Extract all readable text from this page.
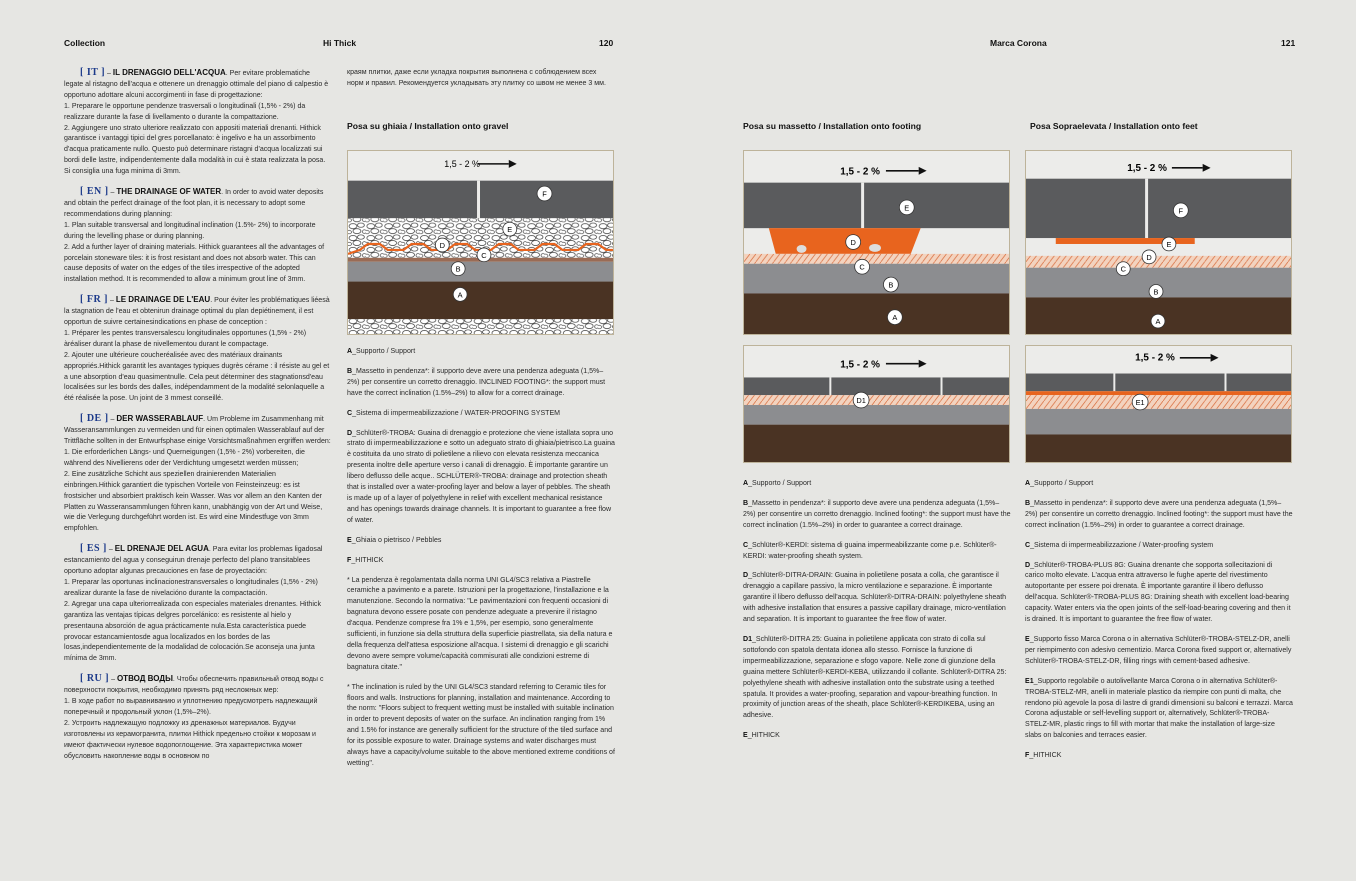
Collection	Hi Thick	120	Marca Corona	121

[ IT ] – IL DRENAGGIO DELL'ACQUA. Per evitare problematiche legate al ristagno dell'acqua e ottenere un drenaggio ottimale del piano di calpestio è opportuno adottare alcuni accorgimenti in fase di progettazione:
1. Preparare le opportune pendenze trasversali o longitudinali (1,5% - 2%) da realizzare durante la fase di livellamento o durante la compattazione.
2. Aggiungere uno strato ulteriore realizzato con appositi materiali drenanti. Hithick garantisce i vantaggi tipici del gres porcellanato: è ingelivo e ha un assorbimento d'acqua praticamente nullo. Questo può determinare ristagni d'acqua localizzati sui bordi delle lastre, indipendentemente dalla modalità in cui è stata realizzata la posa. Si consiglia una fuga minima di 3mm.

[ EN ] – THE DRAINAGE OF WATER. In order to avoid water deposits and obtain the perfect drainage of the foot plan, it is necessary to adopt some recommendations during planning:
1. Plan suitable transversal and longitudinal inclination (1.5%- 2%) to incorporate during the levelling phase or during planning.
2. Add a further layer of draining materials. Hithick guarantees all the advantages of porcelain stoneware tiles: it is frost resistant and does not absorb water. This can cause deposits of water on the edges of the tiles irrespective of the adopted installation method. It is recommended to allow a minimum grout line of 3mm.

[ FR ] – LE DRAINAGE DE L'EAU. Pour éviter les problématiques liéesà la stagnation de l'eau et obtenirun drainage optimal du plan depiétinement, il est opportun de suivre certainesindications en phase de conception :
1. Préparer les pentes transversalescu longitudinales opportunes (1,5% - 2%) àréaliser durant la phase de nivellementou durant le compactage.
2. Ajouter une ultérieure coucheréalisée avec des matériaux drainants appropriés.Hithick garantit les avantages typiques dugrès cérame : il résiste au gel et a une absorption d'eau quasimentnulle. Cela peut déterminer des stagnationsd'eau localisées sur les bords des dalles, indépendamment de la modalité selonlaquelle a été réalisée la pose. Un joint de 3 mmest conseillé.

[ DE ] – DER WASSERABLAUF. Um Probleme im Zusammenhang mit Wasseransammlungen zu vermeiden und für einen optimalen Wasserablauf auf der Trittfläche sollten in der Entwurfsphase einige Vorsichtsmaßnahmen ergriffen werden:
1. Die erforderlichen Längs- und Querneigungen (1,5% - 2%) vorbereiten, die während des Nivellierens oder der Verdichtung umgesetzt werden müssen;
2. Eine zusätzliche Schicht aus speziellen drainierenden Materialien einbringen.Hithick garantiert die typischen Vorteile von Feinsteinzeug: es ist frostsicher und absorbiert praktisch kein Wasser. Was vor allem an den Kanten der Platten zu Wasseransammlungen führen kann, unabhängig von der Art und Weise, wie die Verlegung durchgeführt worden ist. Es wird eine Mindestfuge von 3mm empfohlen.

[ ES ] – EL DRENAJE DEL AGUA. Para evitar los problemas ligadosal estancamiento del agua y conseguirun drenaje perfecto del plano transitablees oportuno adoptar algunas precauciones en fase de proyectación:
1. Preparar las oportunas inclinacionestransversales o longitudinales (1,5% - 2%) arealizar durante la fase de nivelacióno durante la compactación.
2. Agregar una capa ulteriorrealizada con especiales materiales drenantes. Hithick garantiza las ventajas típicas delgres porcelánico: es resistente al hielo y presentauna absorción de agua prácticamente nula.Esta característica puede provocar estancamientosde agua localizados en los bordes de las losas,independientemente de la modalidad de colocación.Se aconseja una junta mínima de 3mm.

[ RU ] – ОТВОД ВОДЫ. Чтобы обеспечить правильный отвод воды с поверхности покрытия, необходимо принять ряд несложных мер:
1. В ходе работ по выравниванию и уплотнению предусмотреть надлежащий поперечный и продольный уклон (1,5%–2%).
2. Устроить надлежащую подложку из дренажных материалов. Будучи изготовлены из керамогранита, плитки Hithick предельно стойки к морозам и имеют фактически нулевое водопоглощение. Эта характеристика может обусловить накопление воды в основном по

краям плитки, даже если укладка покрытия выполнена с соблюдением всех норм и правил. Рекомендуется укладывать эту плитку со швом не менее 3 мм.

Posa su ghiaia / Installation onto gravel
1,5 - 2 %
F
E
D
C
B
A

A_Supporto / Support

B_Massetto in pendenza*: il supporto deve avere una pendenza adeguata (1,5%–2%) per consentire un corretto drenaggio. INCLINED FOOTING*: the support must have the correct inclination (1.5%–2%) to allow for a correct drainage.

C_Sistema di impermeabilizzazione / WATER-PROOFING SYSTEM

D_Schlüter®-TROBA: Guaina di drenaggio e protezione che viene istallata sopra uno strato di impermeabilizzazione e sotto un adeguato strato di ghiaia/pietrisco.La guaina è costituita da uno strato di polietilene a rilievo con elevata resistenza meccanica presenta inoltre delle aperture verso i canali di drenaggio. È importante garantire un libero deflusso delle acque.. SCHLÜTER®-TROBA: drainage and protection sheath that is installed over a water-proofing layer and below a layer of pebbles. The sheath is made up of a layer of polyethylene in relief with excellent mechanical resistance and has openings towards drainage channels. It is important to guarantee a free flow of water.

E_Ghiaia o pietrisco / Pebbles

F_HITHICK

* La pendenza è regolamentata dalla norma UNI GL4/SC3 relativa a Piastrelle ceramiche a pavimento e a parete. Istruzioni per la progettazione, l'installazione e la manutenzione. Secondo la normativa: "Le pavimentazioni con frequenti occasioni di bagnatura devono essere posate con pendenze adeguate a prevenire il ristagno d'acqua. Pendenze comprese fra 1% e 1,5%, per esempio, sono generalmente sufficienti, in funzione sia della struttura della superficie piastrellata, sia della natura e della frequenza dell'attesa esposizione all'acqua. I sistemi di drenaggio e gli scarichi devono avere sempre volume/capacità commisurati alle condizioni estreme di bagnatura citate."

* The inclination is ruled by the UNI GL4/SC3 standard referring to Ceramic tiles for floors and walls. Instructions for planning, installation and maintenance. According to the norm: "Floors subject to frequent wetting must be installed with suitable inclination in order to prevent deposits of water on the surface. An inclination ranging from 1% and 1.5% for instance are generally sufficient for the structure of the tiled surface and for its possible exposure to water. Drainage systems and water discharges must always have a capacity/volume suitable to the above mentioned extreme conditions of wetting".

Posa su massetto / Installation onto footing
1,5 - 2 %
E
D
C
B
A
1,5 - 2 %
D1

A_Supporto / Support

B_Massetto in pendenza*: il supporto deve avere una pendenza adeguata (1,5%–2%) per consentire un corretto drenaggio. Inclined footing*: the support must have the correct inclination (1.5%–2%) in order to guarantee a correct drainage.

C_Schlüter®-KERDI: sistema di guaina impermeabilizzante come p.e. Schlüter®-KERDI: water-proofing sheath system.

D_Schlüter®-DITRA-DRAIN: Guaina in polietilene posata a colla, che garantisce il drenaggio a capillare passivo, la micro ventilazione e separazione. È importante garantire il libero deflusso dell'acqua. Schlüter®-DITRA-DRAIN: polyethylene sheath with adhesive installation that ensures a passive capillary drainage, micro-ventilation and separation. It is important to guarantee the free flow of water.

D1_Schlüter®-DITRA 25: Guaina in polietilene applicata con strato di colla sul sottofondo con spatola dentata idonea allo stesso. Fornisce la funzione di impermeabilizzazione, separazione e sfogo vapore. Nelle zone di giunzione della guaina mettere Schlüter®-KERDI-KEBA, utilizzando il collante. Schlüter®-DITRA 25: polyethylene sheath with adhesive installation onto the substrate using a teethed spatula. It provides a water-proofing, separation and vapour-breathing function. In proximity of junction areas of the sheath, place Schlüter®-KERDIKEBA, using an adhesive.

E_HITHICK

Posa Sopraelevata / Installation onto feet
1,5 - 2 %
F
E
D
C
B
A
1,5 - 2 %
E1

A_Supporto / Support

B_Massetto in pendenza*: il supporto deve avere una pendenza adeguata (1,5%–2%) per consentire un corretto drenaggio. Inclined footing*: the support must have the correct inclination (1.5%–2%) in order to guarantee a correct drainage.

C_Sistema di impermeabilizzazione / Water-proofing system

D_Schlüter®-TROBA-PLUS 8G: Guaina drenante che sopporta sollecitazioni di carico molto elevate. L'acqua entra attraverso le fughe aperte del rivestimento autoportante per essere poi drenata. È importante garantire il libero deflusso dell'acqua. Schlüter®-TROBA-PLUS 8G: Draining sheath with excellent load-bearing capacity. Water enters via the open joints of the self-load-bearing covering and then it is drained. It is important to guarantee the free flow of water.

E_Supporto fisso Marca Corona o in alternativa Schlüter®-TROBA-STELZ-DR, anelli per riempimento con adesivo cementizio. Marca Corona fixed support or, alternatively Schlüter®-TROBA-STELZ-DR, filling rings with cement-based adhesive.

E1_Supporto regolabile o autolivellante Marca Corona o in alternativa Schlüter®-TROBA-STELZ-MR, anelli in materiale plastico da riempire con punti di malta, che rendono più agevole la posa di lastre di grandi dimensioni su balconi e terrazzi. Marca Corona adjustable or self-levelling support or, alternatively, Schlüter®-TROBA-STELZ-MR, plastic rings to fill with mortar that make the installation of large-size slabs on balconies and terraces easier.

F_HITHICK
